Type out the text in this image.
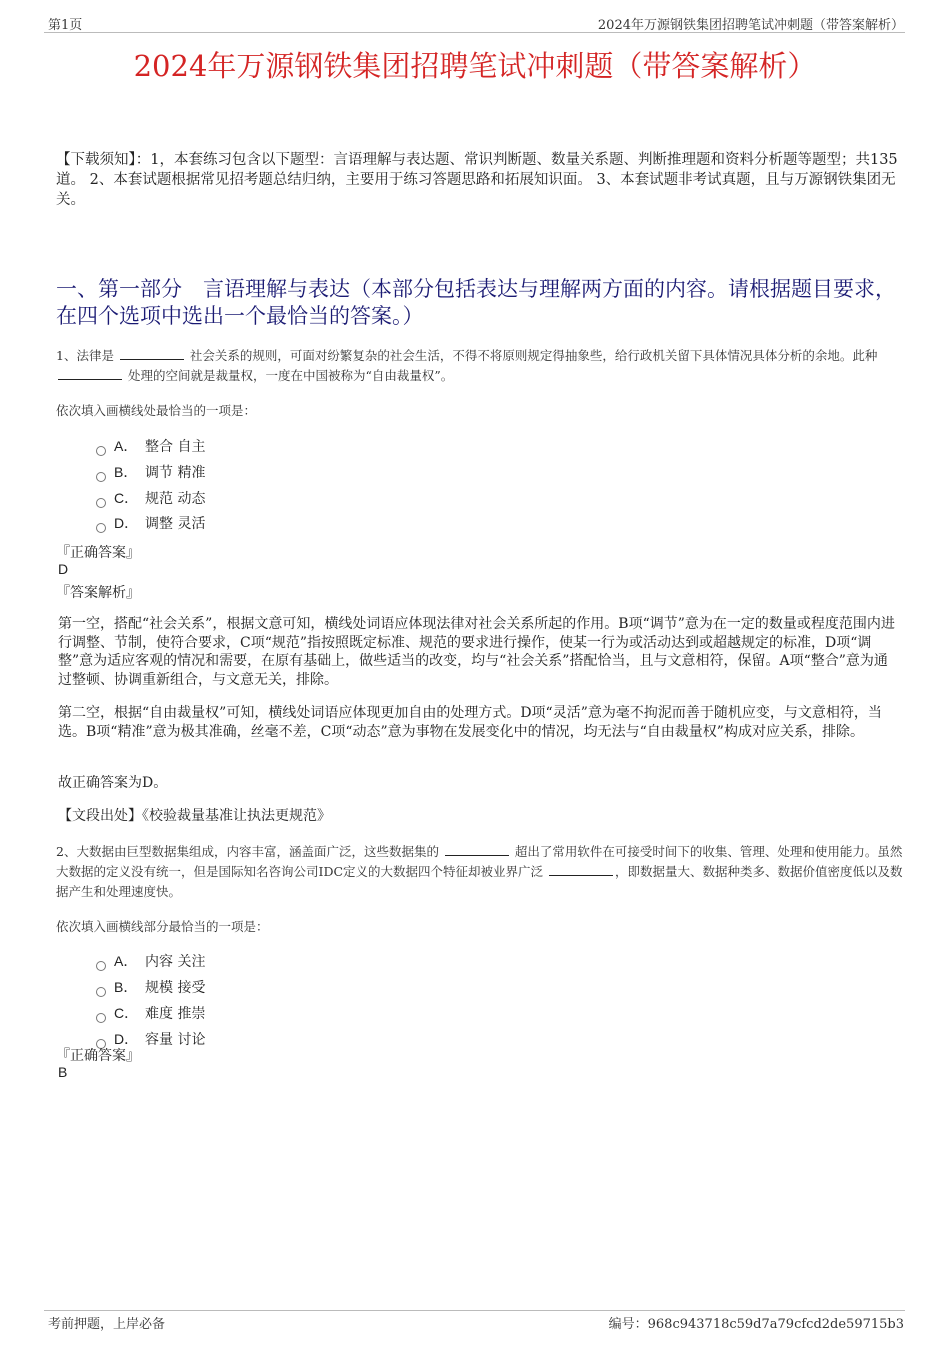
第1页	2024年万源钢铁集团招聘笔试冲刺题（带答案解析）
2024年万源钢铁集团招聘笔试冲刺题（带答案解析）
【下载须知】：1，本套练习包含以下题型：言语理解与表达题、常识判断题、数量关系题、判断推理题和资料分析题等题型；共135道。 2、本套试题根据常见招考题总结归纳，主要用于练习答题思路和拓展知识面。 3、本套试题非考试真题，且与万源钢铁集团无关。
一、第一部分　言语理解与表达（本部分包括表达与理解两方面的内容。请根据题目要求，在四个选项中选出一个最恰当的答案。）
1、法律是	社会关系的规则，可面对纷繁复杂的社会生活，不得不将原则规定得抽象些，给行政机关留下具体情况具体分析的余地。此种  处理的空间就是裁量权，一度在中国被称为“自由裁量权”。
依次填入画横线处最恰当的一项是：
A． 整合 自主
B． 调节 精准
C． 规范 动态
D． 调整 灵活
『正确答案』
D
『答案解析』
第一空，搭配“社会关系”，根据文意可知，横线处词语应体现法律对社会关系所起的作用。B项“调节”意为在一定的数量或程度范围内进行调整、节制，使符合要求，C项“规范”指按照既定标准、规范的要求进行操作，使某一行为或活动达到或超越规定的标准，D项“调整”意为适应客观的情况和需要，在原有基础上，做些适当的改变，均与“社会关系”搭配恰当，且与文意相符，保留。A项“整合”意为通过整顿、协调重新组合，与文意无关，排除。
第二空，根据“自由裁量权”可知，横线处词语应体现更加自由的处理方式。D项“灵活”意为毫不拘泥而善于随机应变，与文意相符，当选。B项“精准”意为极其准确，丝毫不差，C项“动态”意为事物在发展变化中的情况，均无法与“自由裁量权”构成对应关系，排除。
故正确答案为D。
【文段出处】《校验裁量基准让执法更规范》
2、大数据由巨型数据集组成，内容丰富，涵盖面广泛，这些数据集的	超出了常用软件在可接受时间下的收集、管理、处理和使用能力。虽然大数据的定义没有统一，但是国际知名咨询公司IDC定义的大数据四个特征却被业界广泛	，即数据量大、数据种类多、数据价值密度低以及数据产生和处理速度快。
依次填入画横线部分最恰当的一项是：
A． 内容 关注
B． 规模 接受
C． 难度 推崇
D． 容量 讨论
『正确答案』
B
考前押题，上岸必备	编号：968c943718c59d7a79cfcd2de59715b3
